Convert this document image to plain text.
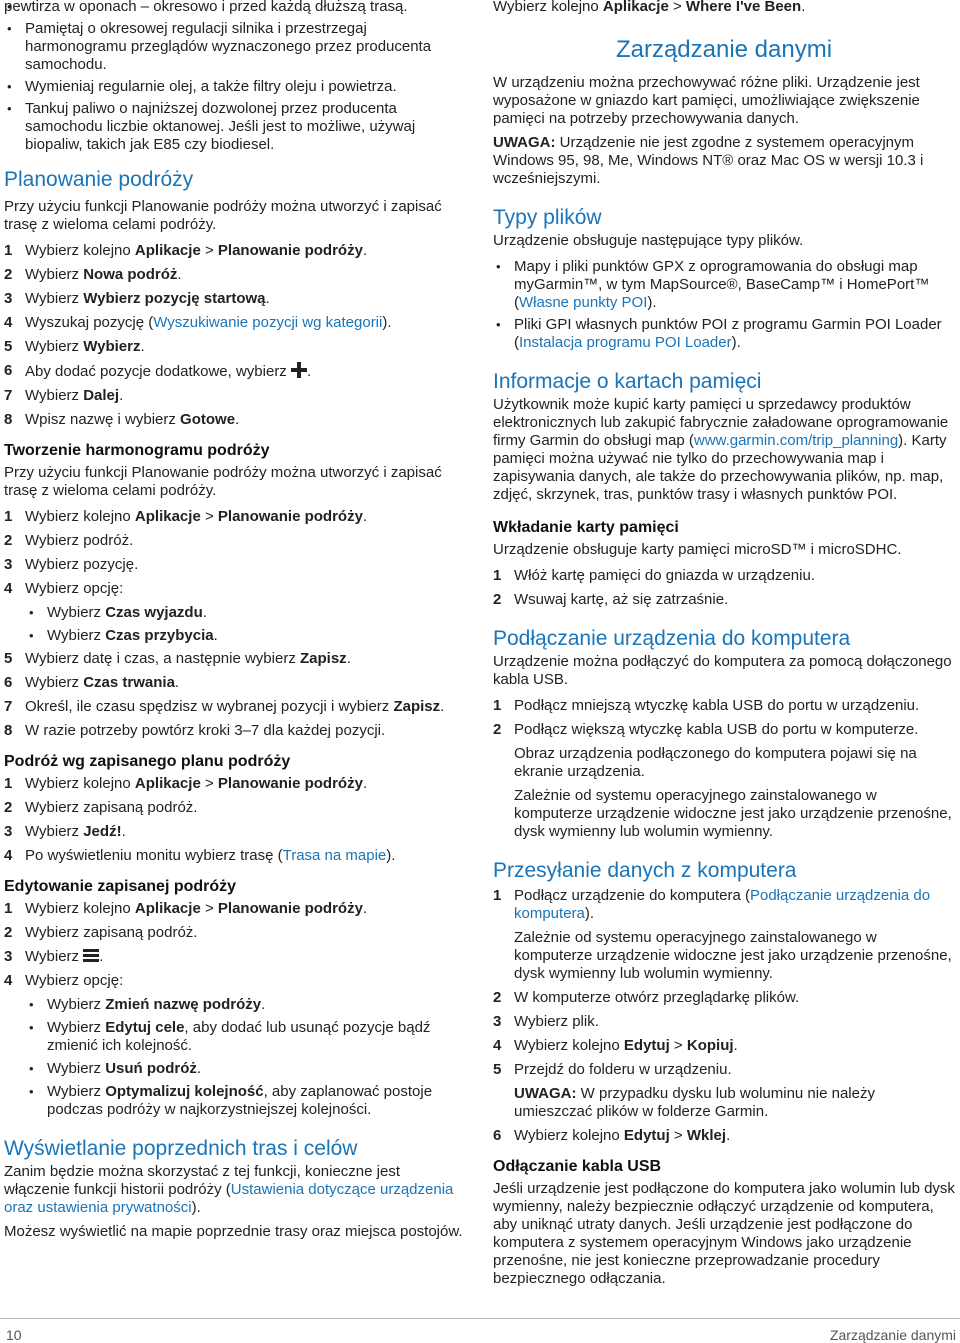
• pewtirza w oponach – okresowo i przed każdą dłuższą trasą.
• Pamiętaj o okresowej regulacji silnika i przestrzegaj harmonogramu przeglądów wyznaczonego przez producenta samochodu.
• Wymieniaj regularnie olej, a także filtry oleju i powietrza.
• Tankuj paliwo o najniższej dozwolonej przez producenta samochodu liczbie oktanowej. Jeśli jest to możliwe, używaj biopaliw, takich jak E85 czy biodiesel.
Planowanie podróży

Przy użyciu funkcji Planowanie podróży można utworzyć i zapisać trasę z wieloma celami podróży.

1 Wybierz kolejno Aplikacje > Planowanie podróży.
2 Wybierz Nowa podróż.
3 Wybierz Wybierz pozycję startową.
4 Wyszukaj pozycję (Wyszukiwanie pozycji wg kategorii).
5 Wybierz Wybierz.
6 Aby dodać pozycje dodatkowe, wybierz .
7 Wybierz Dalej.
8 Wpisz nazwę i wybierz Gotowe.
Tworzenie harmonogramu podróży

Przy użyciu funkcji Planowanie podróży można utworzyć i zapisać trasę z wieloma celami podróży.

1 Wybierz kolejno Aplikacje > Planowanie podróży.
2 Wybierz podróż.
3 Wybierz pozycję.
4 Wybierz opcję:
• Wybierz Czas wyjazdu.
• Wybierz Czas przybycia.
5 Wybierz datę i czas, a następnie wybierz Zapisz.
6 Wybierz Czas trwania.
7 Określ, ile czasu spędzisz w wybranej pozycji i wybierz Zapisz.
8 W razie potrzeby powtórz kroki 3–7 dla każdej pozycji.
Podróż wg zapisanego planu podróży
1 Wybierz kolejno Aplikacje > Planowanie podróży.
2 Wybierz zapisaną podróż.
3 Wybierz Jedź!.
4 Po wyświetleniu monitu wybierz trasę (Trasa na mapie).
Edytowanie zapisanej podróży
1 Wybierz kolejno Aplikacje > Planowanie podróży.
2 Wybierz zapisaną podróż.
3 Wybierz
.
4 Wybierz opcję:
• Wybierz Zmień nazwę podróży.
• Wybierz Edytuj cele, aby dodać lub usunąć pozycje bądź zmienić ich kolejność.
• Wybierz Usuń podróż.
• Wybierz Optymalizuj kolejność, aby zaplanować postoje podczas podróży w najkorzystniejszej kolejności.
Wyświetlanie poprzednich tras i celów

Zanim będzie można skorzystać z tej funkcji, konieczne jest włączenie funkcji historii podróży (Ustawienia dotyczące urządzenia oraz ustawienia prywatności).

Możesz wyświetlić na mapie poprzednie trasy oraz miejsca postojów.

Wybierz kolejno Aplikacje > Where I've Been.

Zarządzanie danymi

W urządzeniu można przechowywać różne pliki. Urządzenie jest wyposażone w gniazdo kart pamięci, umożliwiające zwiększenie pamięci na potrzeby przechowywania danych.

UWAGA: Urządzenie nie jest zgodne z systemem operacyjnym Windows 95, 98, Me, Windows NT® oraz Mac OS w wersji 10.3 i wcześniejszymi.

Typy plików

Urządzenie obsługuje następujące typy plików.

• Mapy i pliki punktów GPX z oprogramowania do obsługi map myGarmin™, w tym MapSource®, BaseCamp™ i HomePort™ (Własne punkty POI).
• Pliki GPI własnych punktów POI z programu Garmin POI Loader (Instalacja programu POI Loader).
Informacje o kartach pamięci

Użytkownik może kupić karty pamięci u sprzedawcy produktów elektronicznych lub zakupić fabrycznie załadowane oprogramowanie firmy Garmin do obsługi map (www.garmin.com/trip_planning). Karty pamięci można używać nie tylko do przechowywania map i zapisywania danych, ale także do przechowywania plików, np. map, zdjęć, skrzynek, tras, punktów trasy i własnych punktów POI.

Wkładanie karty pamięci

Urządzenie obsługuje karty pamięci microSD™ i microSDHC.

1 Włóż kartę pamięci do gniazda w urządzeniu.
2 Wsuwaj kartę, aż się zatrzaśnie.
Podłączanie urządzenia do komputera

Urządzenie można podłączyć do komputera za pomocą dołączonego kabla USB.

1 Podłącz mniejszą wtyczkę kabla USB do portu w urządzeniu.
2 Podłącz większą wtyczkę kabla USB do portu w komputerze.

Obraz urządzenia podłączonego do komputera pojawi się na ekranie urządzenia.

Zależnie od systemu operacyjnego zainstalowanego w komputerze urządzenie widoczne jest jako urządzenie przenośne, dysk wymienny lub wolumin wymienny.

Przesyłanie danych z komputera
1 Podłącz urządzenie do komputera (Podłączanie urządzenia do komputera).

Zależnie od systemu operacyjnego zainstalowanego w komputerze urządzenie widoczne jest jako urządzenie przenośne, dysk wymienny lub wolumin wymienny.

2 W komputerze otwórz przeglądarkę plików.
3 Wybierz plik.
4 Wybierz kolejno Edytuj > Kopiuj.
5 Przejdź do folderu w urządzeniu.

UWAGA: W przypadku dysku lub woluminu nie należy umieszczać plików w folderze Garmin.

6 Wybierz kolejno Edytuj > Wklej.
Odłączanie kabla USB

Jeśli urządzenie jest podłączone do komputera jako wolumin lub dysk wymienny, należy bezpiecznie odłączyć urządzenie od komputera, aby uniknąć utraty danych. Jeśli urządzenie jest podłączone do komputera z systemem operacyjnym Windows jako urządzenie przenośne, nie jest konieczne przeprowadzanie procedury bezpiecznego odłączania.

10	Zarządzanie danymi
